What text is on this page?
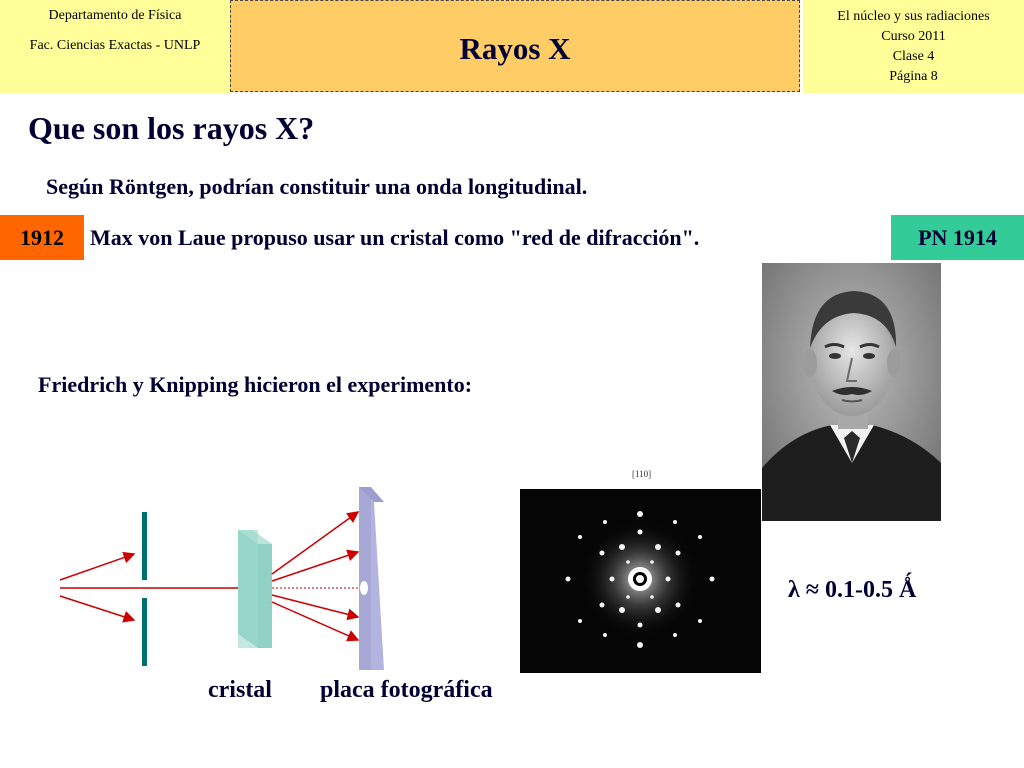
Departamento de Física
Fac. Ciencias Exactas - UNLP	Rayos X
El núcleo y sus radiaciones
Curso 2011
Clase 4
Página 8
Que son los rayos X?
Según Röntgen, podrían constituir una onda longitudinal.
1912	Max von Laue propuso usar un cristal como "red de difracción".	PN 1914
Friedrich y Knipping hicieron el experimento:
[110]
cristal placa fotográfica
λ ≈ 0.1-0.5 Ǻ
